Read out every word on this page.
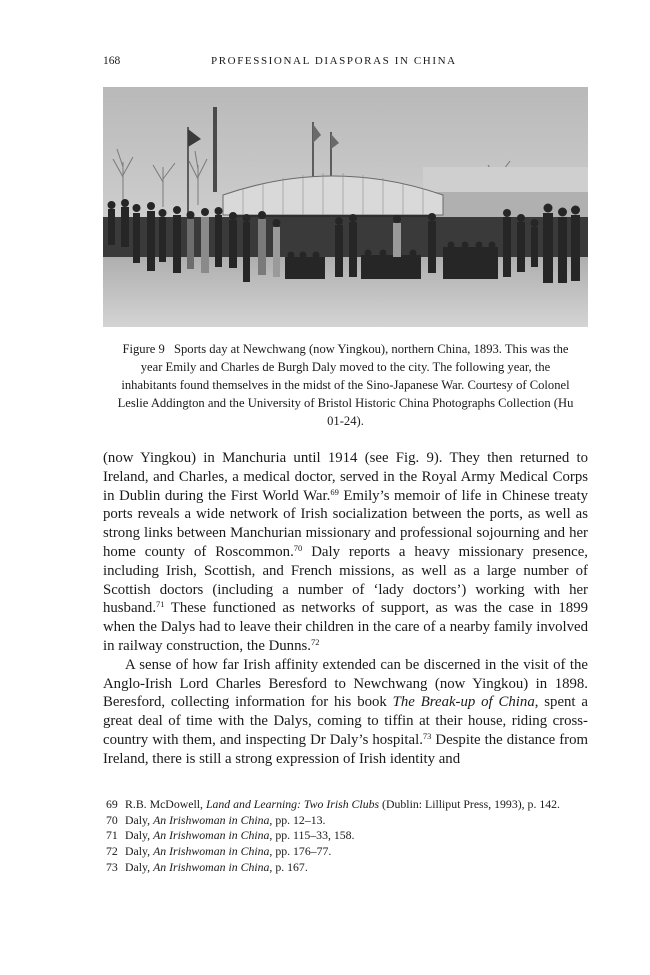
168	PROFESSIONAL DIASPORAS IN CHINA
Figure 9 Sports day at Newchwang (now Yingkou), northern China, 1893. This was the year Emily and Charles de Burgh Daly moved to the city. The following year, the inhabitants found themselves in the midst of the Sino-Japanese War. Courtesy of Colonel Leslie Addington and the University of Bristol Historic China Photographs Collection (Hu 01-24).

(now Yingkou) in Manchuria until 1914 (see Fig. 9). They then returned to Ireland, and Charles, a medical doctor, served in the Royal Army Medical Corps in Dublin during the First World War.$^{69}$ Emily’s memoir of life in Chinese treaty ports reveals a wide network of Irish socialization between the ports, as well as strong links between Manchurian missionary and professional sojourning and her home county of Roscommon.$^{70}$ Daly reports a heavy missionary presence, including Irish, Scottish, and French missions, as well as a large number of Scottish doctors (including a number of ‘lady doctors’) working with her husband.$^{71}$ These functioned as networks of support, as was the case in 1899 when the Dalys had to leave their children in the care of a nearby family involved in railway construction, the Dunns.$^{72}$

A sense of how far Irish affinity extended can be discerned in the visit of the Anglo-Irish Lord Charles Beresford to Newchwang (now Yingkou) in 1898. Beresford, collecting information for his book The Break-up of China, spent a great deal of time with the Dalys, coming to tiffin at their house, riding cross-country with them, and inspecting Dr Daly’s hospital.$^{73}$ Despite the distance from Ireland, there is still a strong expression of Irish identity and

69 R.B. McDowell, Land and Learning: Two Irish Clubs (Dublin: Lilliput Press, 1993), p. 142.
70 Daly, An Irishwoman in China, pp. 12–13.
71 Daly, An Irishwoman in China, pp. 115–33, 158.
72 Daly, An Irishwoman in China, pp. 176–77.
73 Daly, An Irishwoman in China, p. 167.
